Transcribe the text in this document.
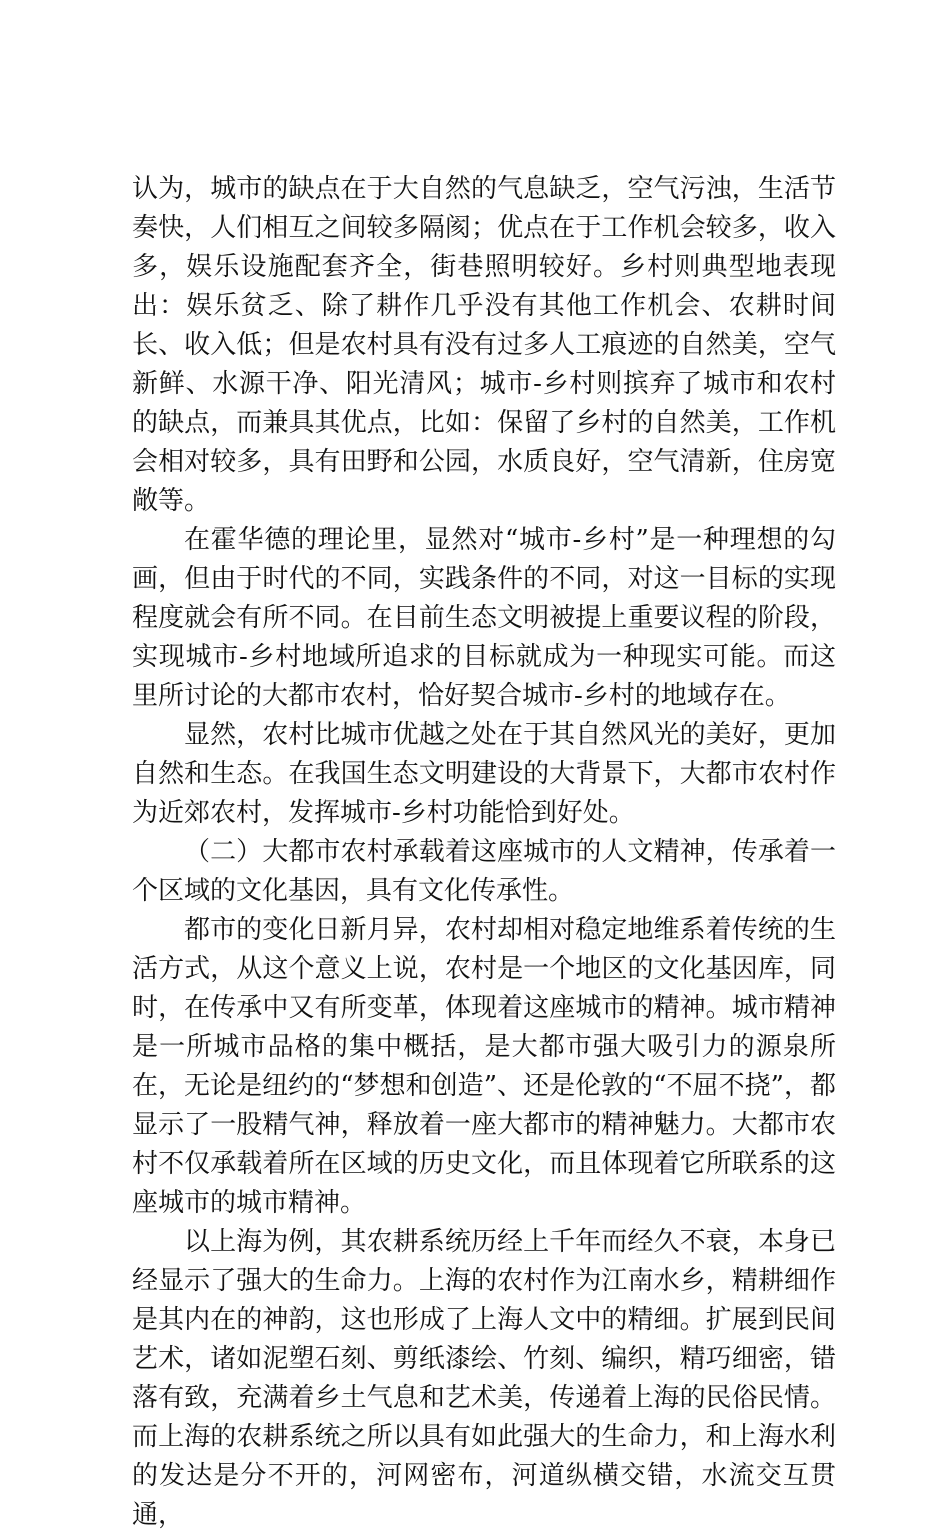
认为，城市的缺点在于大自然的气息缺乏，空气污浊，生活节奏快，人们相互之间较多隔阂；优点在于工作机会较多，收入多，娱乐设施配套齐全，街巷照明较好。乡村则典型地表现出：娱乐贫乏、除了耕作几乎没有其他工作机会、农耕时间长、收入低；但是农村具有没有过多人工痕迹的自然美，空气新鲜、水源干净、阳光清风；城市-乡村则摈弃了城市和农村的缺点，而兼具其优点，比如：保留了乡村的自然美，工作机会相对较多，具有田野和公园，水质良好，空气清新，住房宽敞等。

在霍华德的理论里，显然对“城市-乡村”是一种理想的勾画，但由于时代的不同，实践条件的不同，对这一目标的实现程度就会有所不同。在目前生态文明被提上重要议程的阶段，实现城市-乡村地域所追求的目标就成为一种现实可能。而这里所讨论的大都市农村，恰好契合城市-乡村的地域存在。

显然，农村比城市优越之处在于其自然风光的美好，更加自然和生态。在我国生态文明建设的大背景下，大都市农村作为近郊农村，发挥城市-乡村功能恰到好处。

（二）大都市农村承载着这座城市的人文精神，传承着一个区域的文化基因，具有文化传承性。

都市的变化日新月异，农村却相对稳定地维系着传统的生活方式，从这个意义上说，农村是一个地区的文化基因库，同时，在传承中又有所变革，体现着这座城市的精神。城市精神是一所城市品格的集中概括，是大都市强大吸引力的源泉所在，无论是纽约的“梦想和创造”、还是伦敦的“不屈不挠”，都显示了一股精气神，释放着一座大都市的精神魅力。大都市农村不仅承载着所在区域的历史文化，而且体现着它所联系的这座城市的城市精神。

以上海为例，其农耕系统历经上千年而经久不衰，本身已经显示了强大的生命力。上海的农村作为江南水乡，精耕细作是其内在的神韵，这也形成了上海人文中的精细。扩展到民间艺术，诸如泥塑石刻、剪纸漆绘、竹刻、编织，精巧细密，错落有致，充满着乡土气息和艺术美，传递着上海的民俗民情。而上海的农耕系统之所以具有如此强大的生命力，和上海水利的发达是分不开的，河网密布，河道纵横交错，水流交互贯通，
